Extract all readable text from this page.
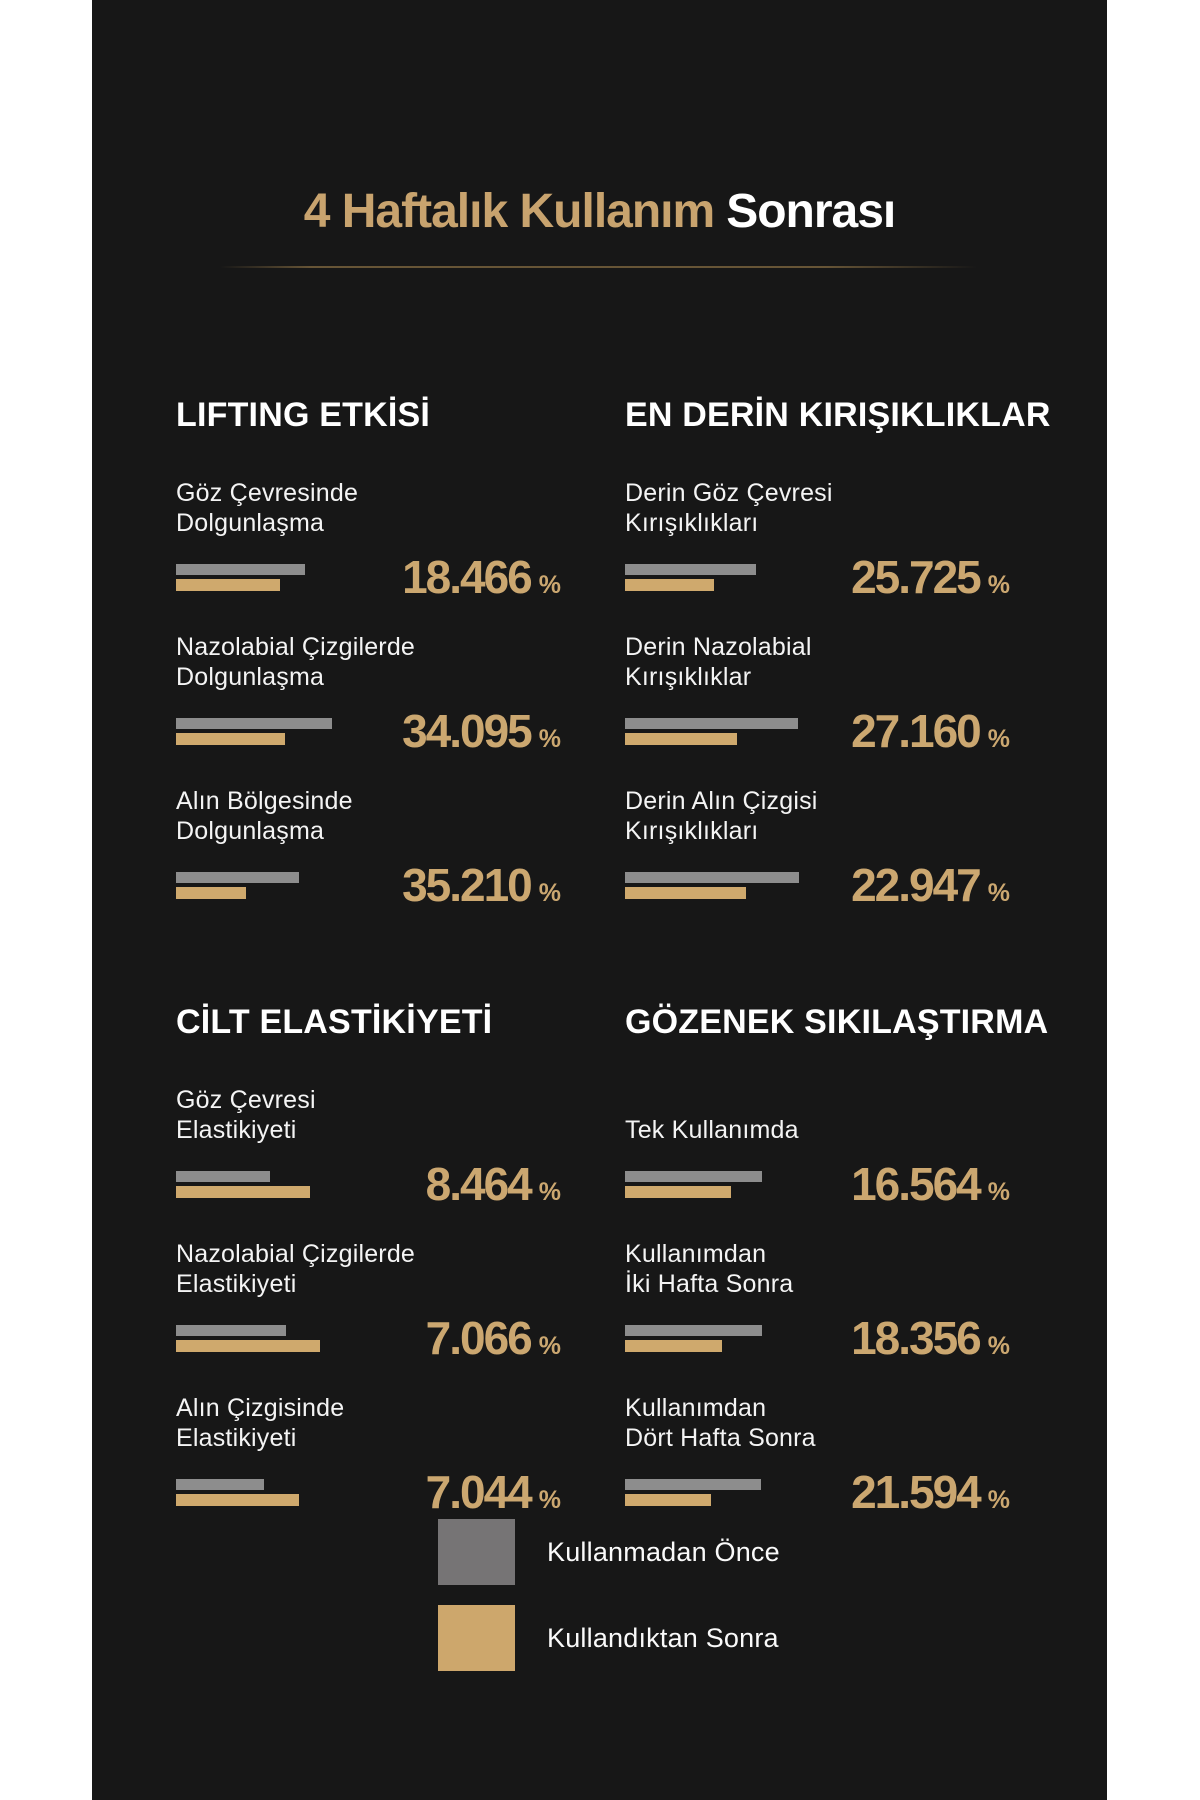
4 Haftalık Kullanım Sonrası
LIFTING ETKİSİ
Göz Çevresinde
Dolgunlaşma
18.466 %
Nazolabial Çizgilerde
Dolgunlaşma
34.095 %
Alın Bölgesinde
Dolgunlaşma
35.210 %
EN DERİN KIRIŞIKLIKLAR
Derin Göz Çevresi
Kırışıklıkları
25.725 %
Derin Nazolabial
Kırışıklıklar
27.160 %
Derin Alın Çizgisi
Kırışıklıkları
22.947 %
CİLT ELASTİKİYETİ
Göz Çevresi
Elastikiyeti
8.464 %
Nazolabial Çizgilerde
Elastikiyeti
7.066 %
Alın Çizgisinde
Elastikiyeti
7.044 %
GÖZENEK SIKILAŞTIRMA
Tek Kullanımda
16.564 %
Kullanımdan
İki Hafta Sonra
18.356 %
Kullanımdan
Dört Hafta Sonra
21.594 %
Kullanmadan Önce
Kullandıktan Sonra
